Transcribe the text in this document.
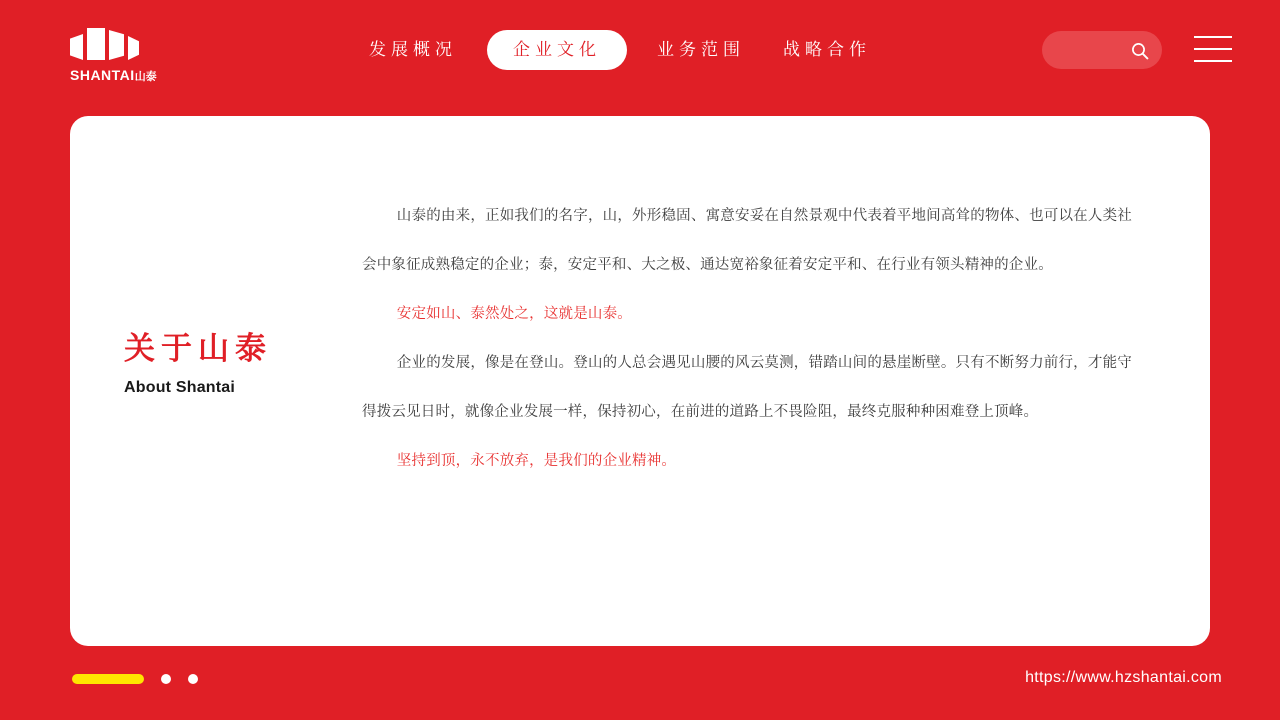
SHANTAI山泰
发展概况	企业文化	业务范围	战略合作
关于山泰
About Shantai

山泰的由来，正如我们的名字，山，外形稳固、寓意安妥在自然景观中代表着平地间高耸的物体、也可以在人类社会中象征成熟稳定的企业；泰，安定平和、大之极、通达宽裕象征着安定平和、在行业有领头精神的企业。

安定如山、泰然处之，这就是山泰。

企业的发展，像是在登山。登山的人总会遇见山腰的风云莫测，错踏山间的悬崖断壁。只有不断努力前行，才能守得拨云见日时，就像企业发展一样，保持初心，在前进的道路上不畏险阻，最终克服种种困难登上顶峰。

坚持到顶，永不放弃，是我们的企业精神。

https://www.hzshantai.com
